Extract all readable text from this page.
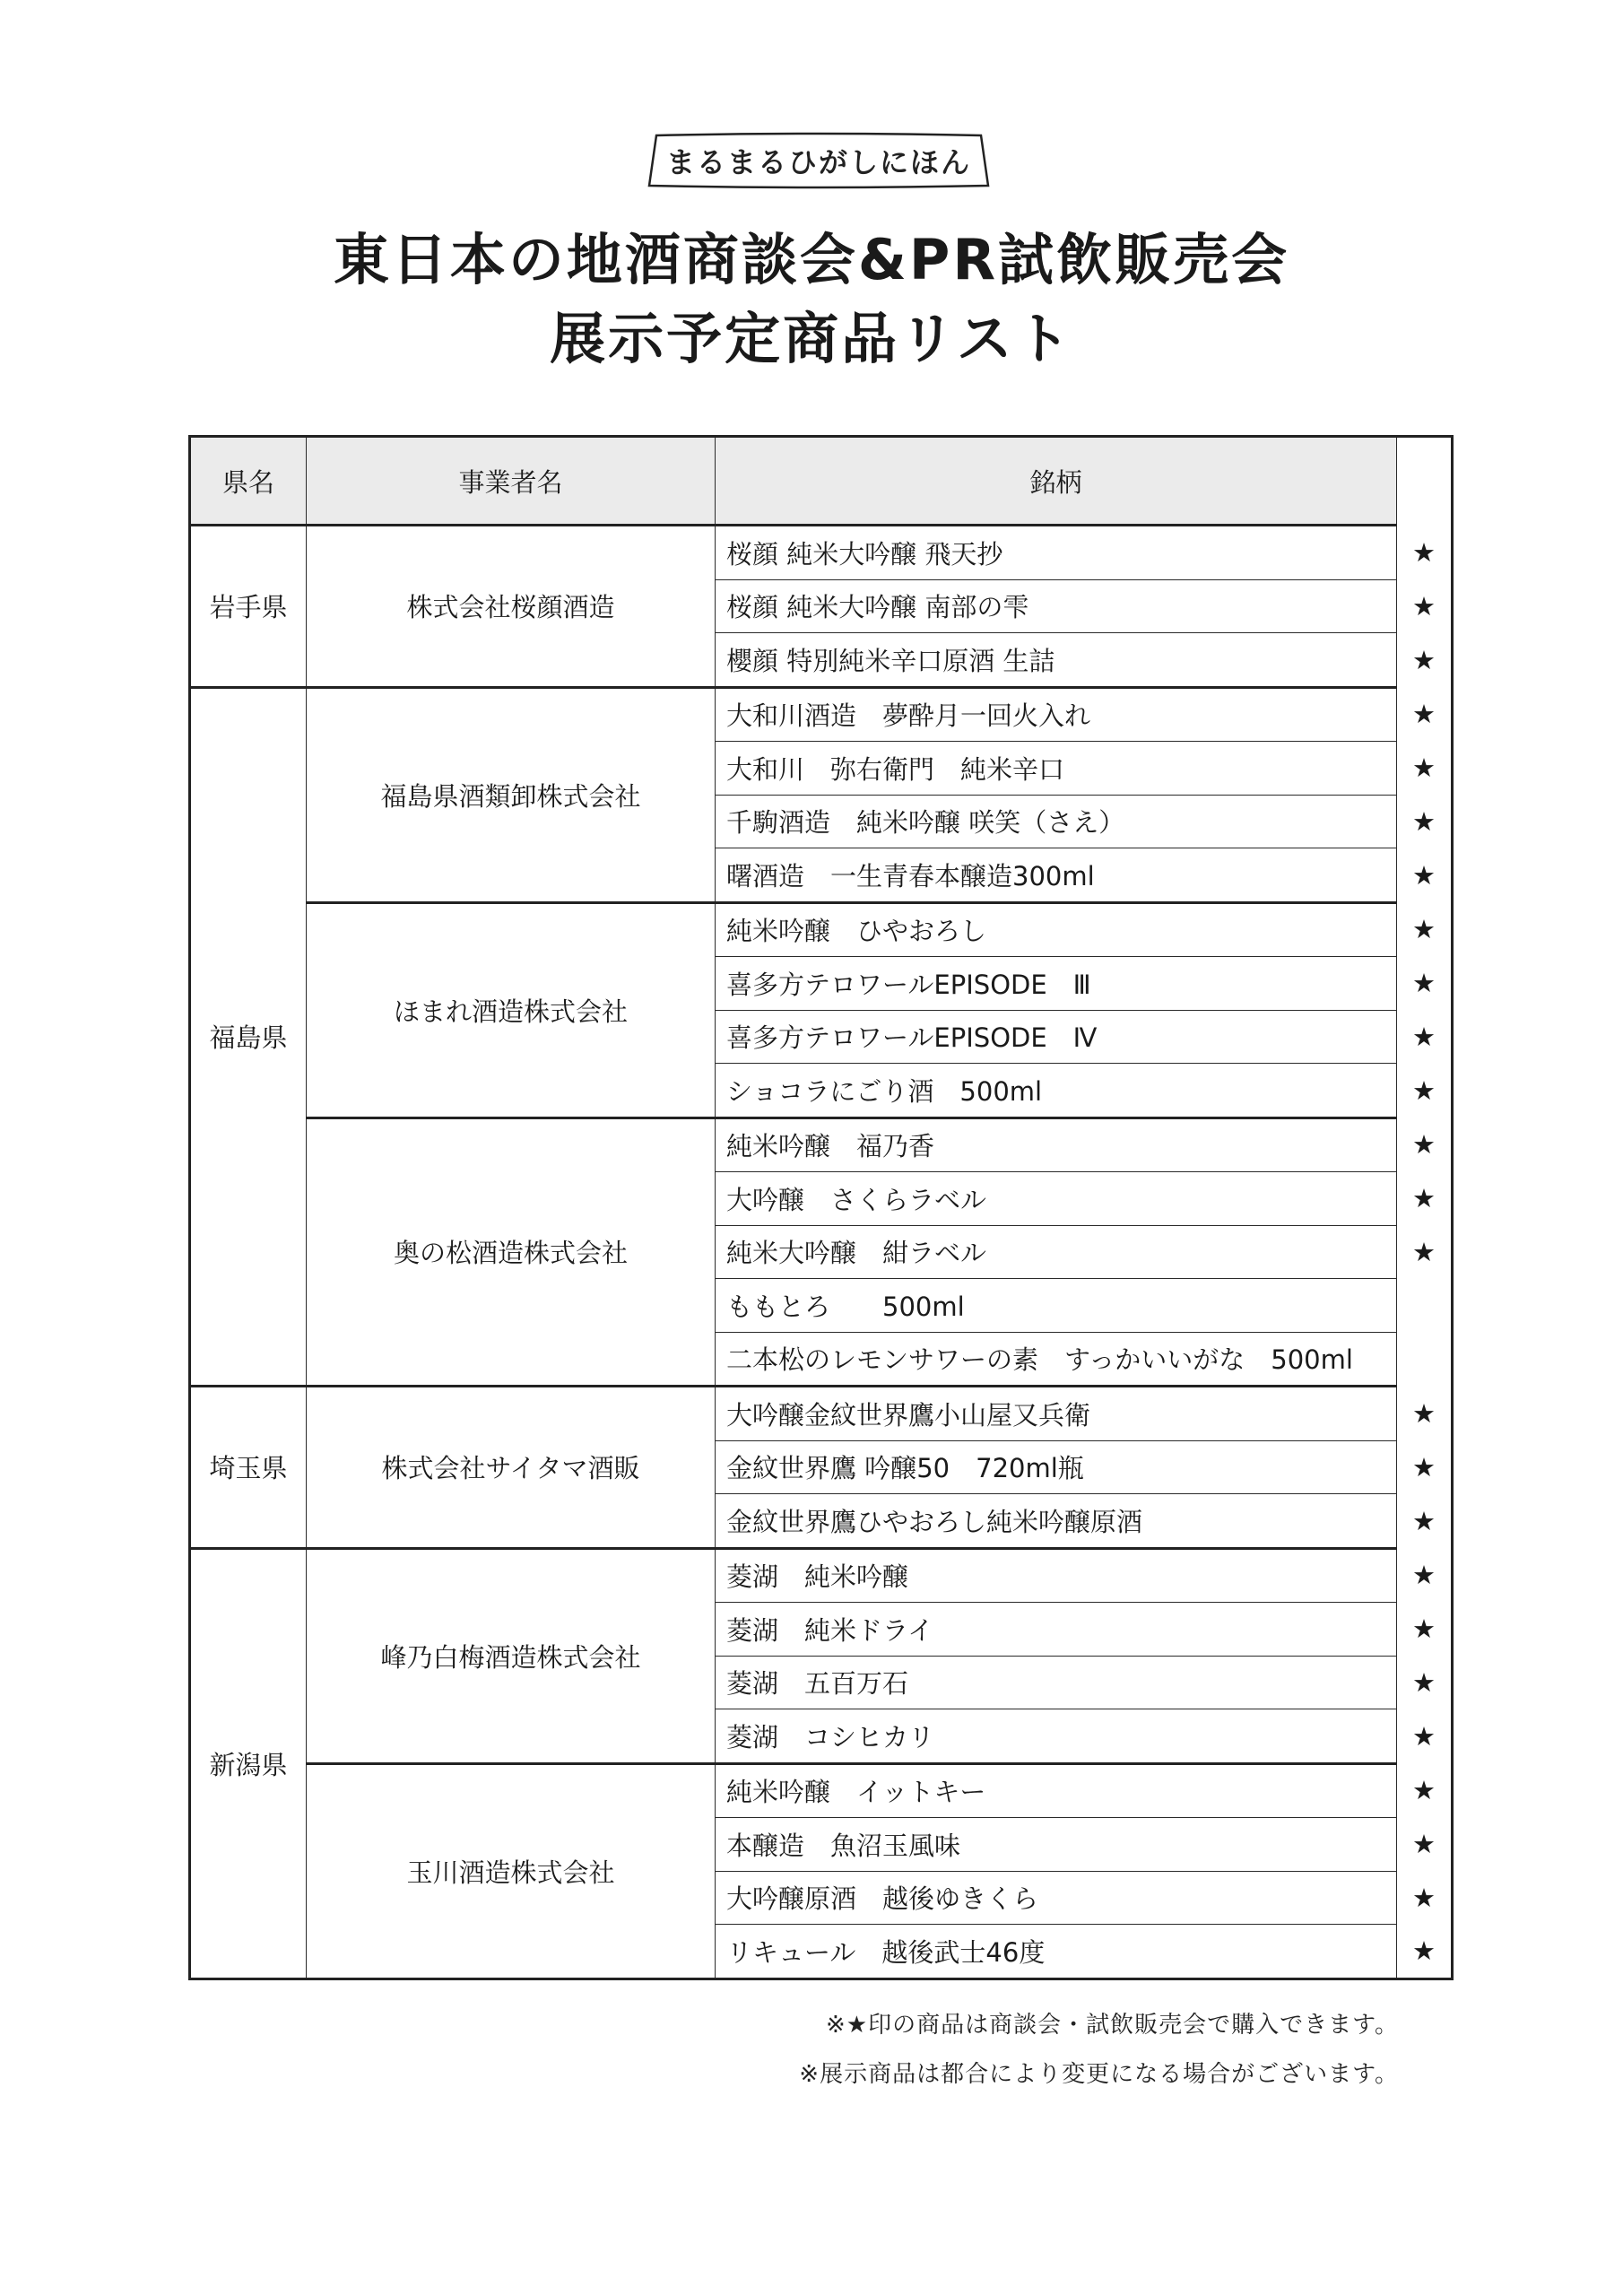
まるまるひがしにほん
東日本の地酒商談会&PR試飲販売会
展示予定商品リスト
県名	事業者名	銘柄	
岩手県	株式会社桜顔酒造	桜顔 純米大吟醸 飛天抄	★
		桜顔 純米大吟醸 南部の雫	★
		櫻顔 特別純米辛口原酒 生詰	★
福島県	福島県酒類卸株式会社	大和川酒造　夢酔月一回火入れ	★
		大和川　弥右衛門　純米辛口	★
		千駒酒造　純米吟醸 咲笑（さえ）	★
		曙酒造　一生青春本醸造300ml	★
	ほまれ酒造株式会社	純米吟醸　ひやおろし	★
		喜多方テロワールEPISODE　Ⅲ	★
		喜多方テロワールEPISODE　Ⅳ	★
		ショコラにごり酒　500ml	★
	奥の松酒造株式会社	純米吟醸　福乃香	★
		大吟醸　さくらラベル	★
		純米大吟醸　紺ラベル	★
		ももとろ　　500ml	
		二本松のレモンサワーの素　すっかいいがな　500ml	
埼玉県	株式会社サイタマ酒販	大吟醸金紋世界鷹小山屋又兵衛	★
		金紋世界鷹 吟醸50　720ml瓶	★
		金紋世界鷹ひやおろし純米吟醸原酒	★
新潟県	峰乃白梅酒造株式会社	菱湖　純米吟醸	★
		菱湖　純米ドライ	★
		菱湖　五百万石	★
		菱湖　コシヒカリ	★
	玉川酒造株式会社	純米吟醸　イットキー	★
		本醸造　魚沼玉風味	★
		大吟醸原酒　越後ゆきくら	★
		リキュール　越後武士46度	★
※★印の商品は商談会・試飲販売会で購入できます。
※展示商品は都合により変更になる場合がございます。
